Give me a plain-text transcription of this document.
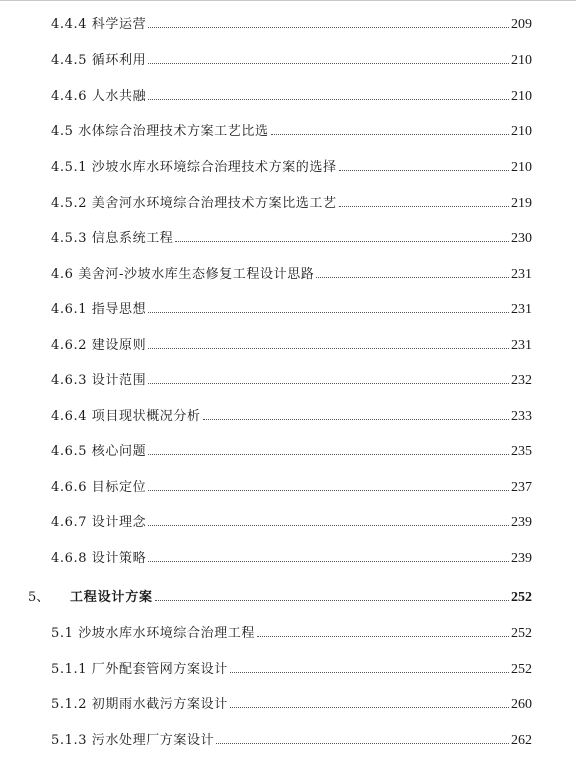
4.4.4 科学运营	209
4.4.5 循环利用	210
4.4.6 人水共融	210
4.5 水体综合治理技术方案工艺比选	210
4.5.1 沙坡水库水环境综合治理技术方案的选择	210
4.5.2 美舍河水环境综合治理技术方案比选工艺	219
4.5.3 信息系统工程	230
4.6 美舍河-沙坡水库生态修复工程设计思路	231
4.6.1 指导思想	231
4.6.2 建设原则	231
4.6.3 设计范围	232
4.6.4 项目现状概况分析	233
4.6.5 核心问题	235
4.6.6 目标定位	237
4.6.7 设计理念	239
4.6.8 设计策略	239
5、	工程设计方案	252
5.1 沙坡水库水环境综合治理工程	252
5.1.1 厂外配套管网方案设计	252
5.1.2 初期雨水截污方案设计	260
5.1.3 污水处理厂方案设计	262
